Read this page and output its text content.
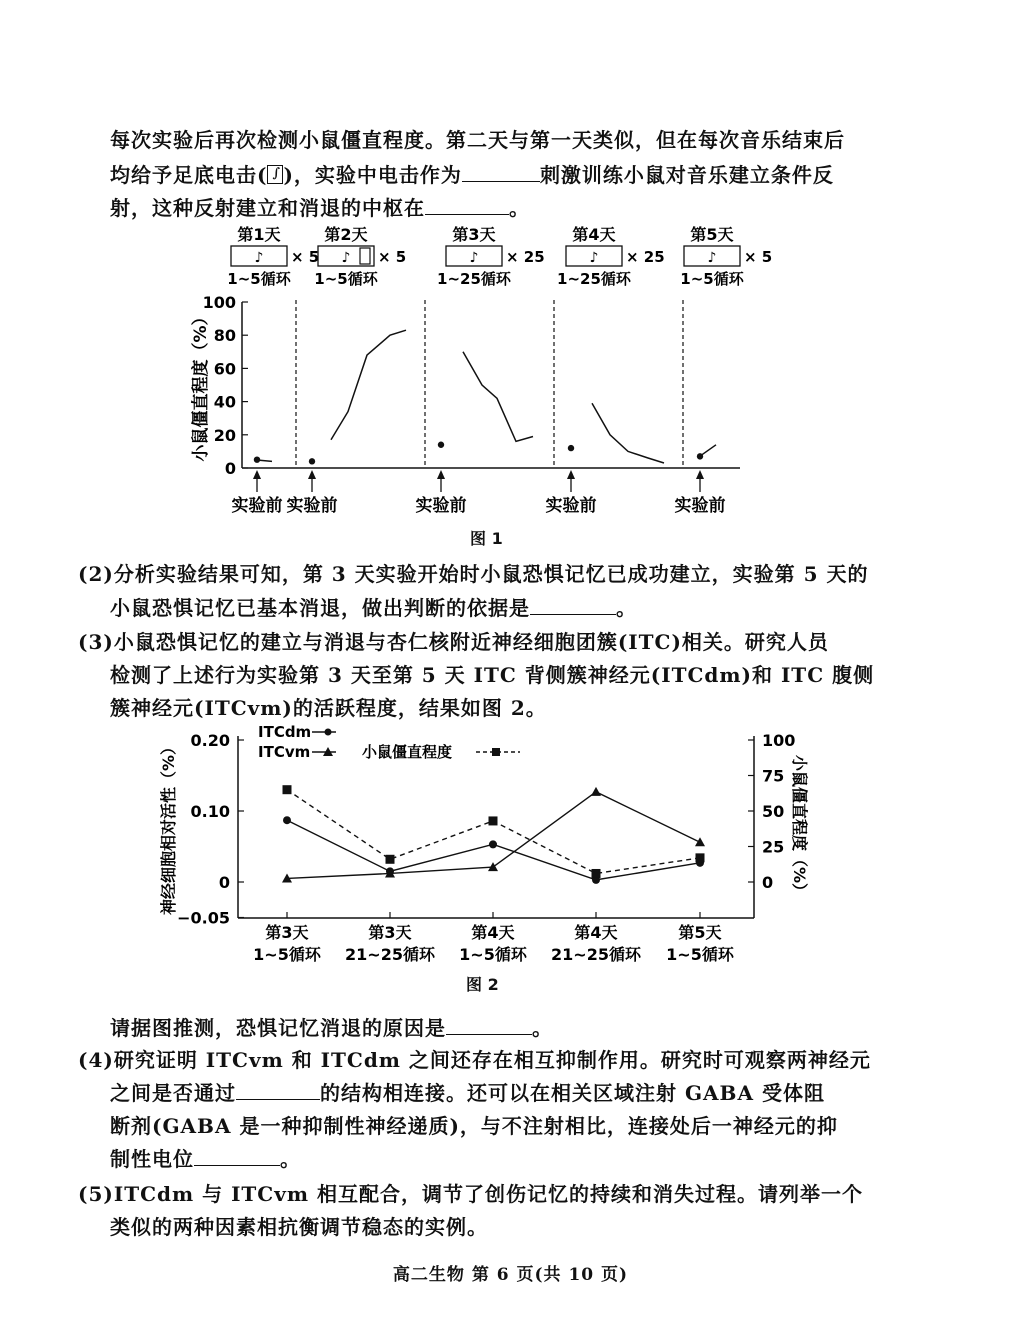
每次实验后再次检测小鼠僵直程度。第二天与第一天类似，但在每次音乐结束后
均给予足底电击( ∫ )，实验中电击作为	刺激训练小鼠对音乐建立条件反
射，这种反射建立和消退的中枢在	。
第1天
♪ × 5
1~5循环
第2天
♪ × 5
1~5循环
第3天
♪ × 25
1~25循环
第4天
♪ × 25
1~25循环
第5天
♪ × 5
1~5循环
0
20
40
60
80
100
小鼠僵直程度（%）
实验前 实验前	实验前	实验前	实验前
图 1
(2)分析实验结果可知，第 3 天实验开始时小鼠恐惧记忆已成功建立，实验第 5 天的
小鼠恐惧记忆已基本消退，做出判断的依据是	。
(3)小鼠恐惧记忆的建立与消退与杏仁核附近神经细胞团簇(ITC)相关。研究人员
检测了上述行为实验第 3 天至第 5 天 ITC 背侧簇神经元(ITCdm)和 ITC 腹侧
簇神经元(ITCvm)的活跃程度，结果如图 2。
神经细胞相对活性（%）	小鼠僵直程度（%）
−0.05
0
0.10
0.20
0
25
50
75
100
ITCdm
ITCvm	小鼠僵直程度
第3天
1~5循环
第3天
21~25循环
第4天
1~5循环
第4天
21~25循环
第5天
1~5循环
图 2
请据图推测，恐惧记忆消退的原因是	。
(4)研究证明 ITCvm 和 ITCdm 之间还存在相互抑制作用。研究时可观察两神经元
之间是否通过	的结构相连接。还可以在相关区域注射 GABA 受体阻
断剂(GABA 是一种抑制性神经递质)，与不注射相比，连接处后一神经元的抑
制性电位	。
(5)ITCdm 与 ITCvm 相互配合，调节了创伤记忆的持续和消失过程。请列举一个
类似的两种因素相抗衡调节稳态的实例。
高二生物 第 6 页(共 10 页)
